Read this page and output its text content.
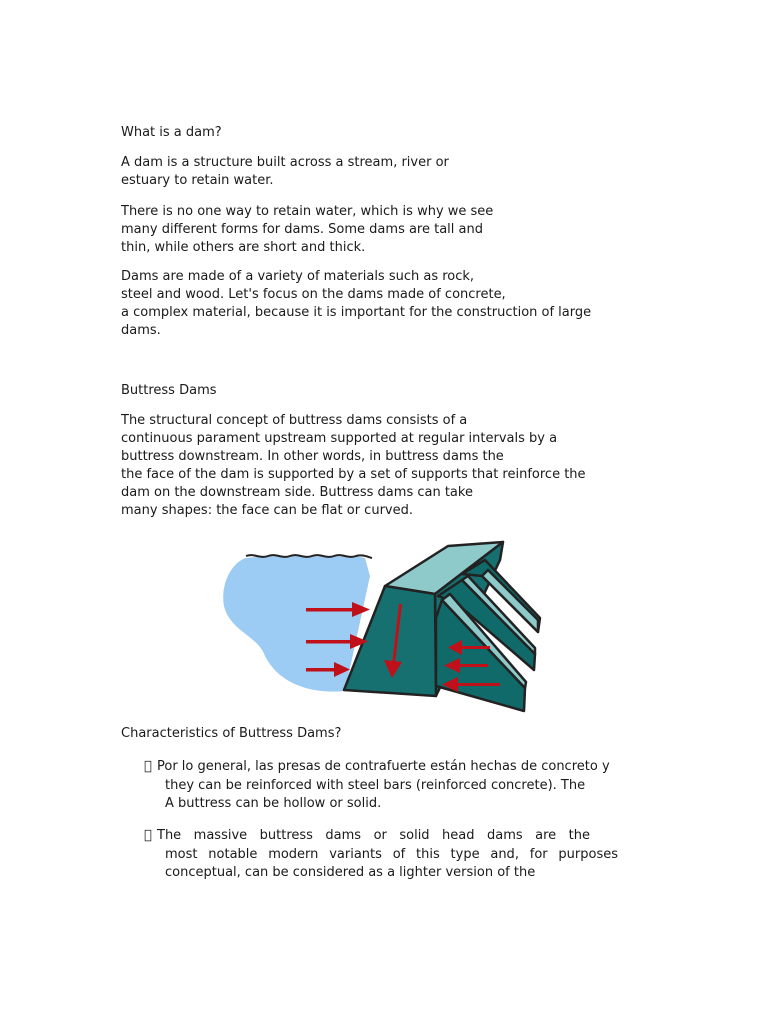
What is a dam?

A dam is a structure built across a stream, river or
estuary to retain water.

There is no one way to retain water, which is why we see
many different forms for dams. Some dams are tall and
thin, while others are short and thick.

Dams are made of a variety of materials such as rock,
steel and wood. Let's focus on the dams made of concrete,
a complex material, because it is important for the construction of large
dams.

Buttress Dams

The structural concept of buttress dams consists of a
continuous parament upstream supported at regular intervals by a
buttress downstream. In other words, in buttress dams the
the face of the dam is supported by a set of supports that reinforce the
dam on the downstream side. Buttress dams can take
many shapes: the face can be flat or curved.

Characteristics of Buttress Dams?

Por lo general, las presas de contrafuerte están hechas de concreto y
they can be reinforced with steel bars (reinforced concrete). The
A buttress can be hollow or solid.
The massive buttress dams or solid head dams are the
most notable modern variants of this type and, for purposes
conceptual, can be considered as a lighter version of the
